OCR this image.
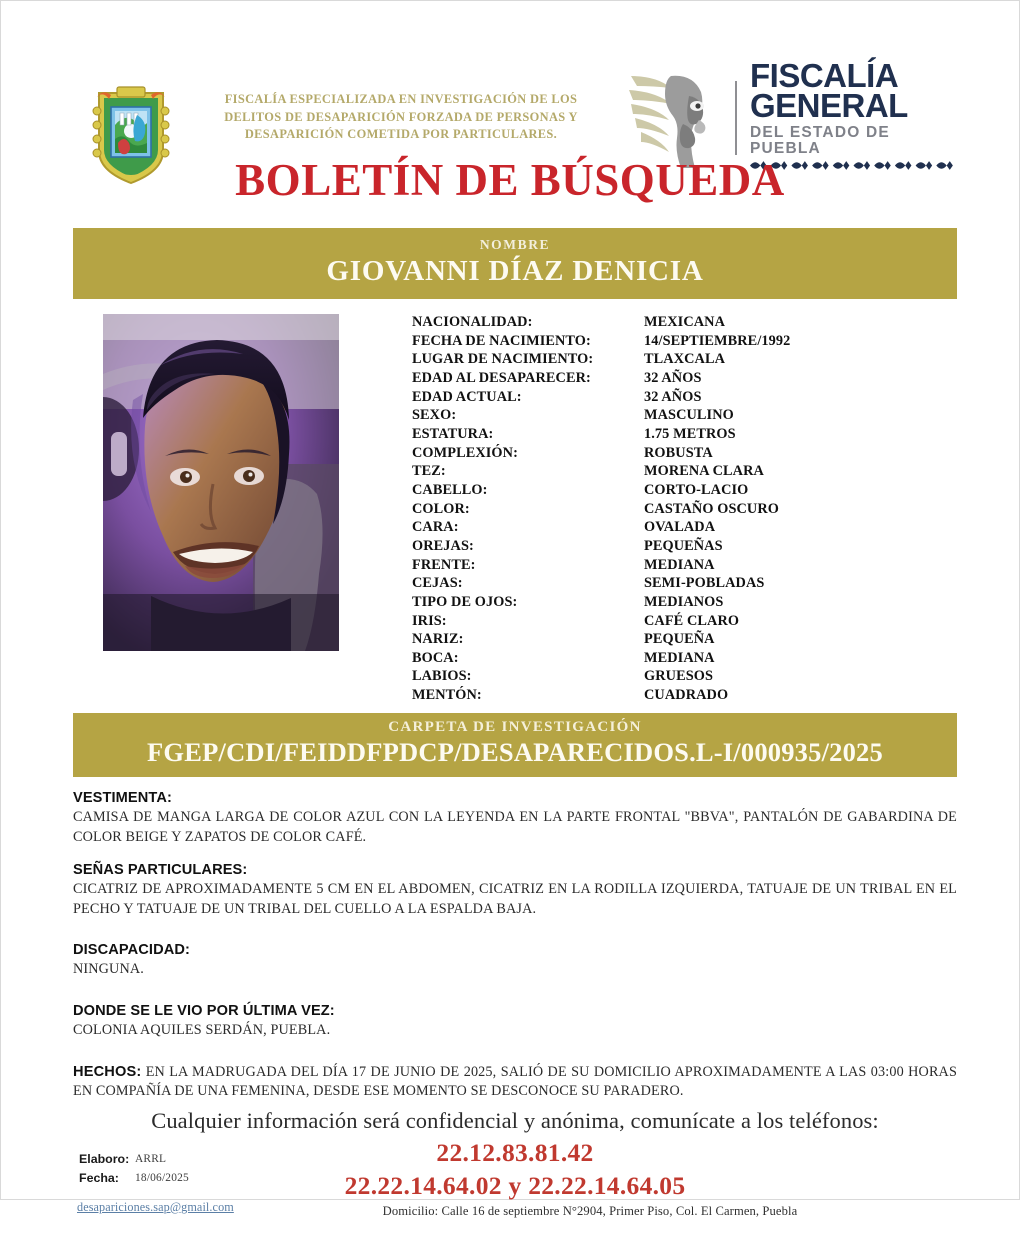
FISCALÍA ESPECIALIZADA EN INVESTIGACIÓN DE LOS DELITOS DE DESAPARICIÓN FORZADA DE PERSONAS Y DESAPARICIÓN COMETIDA POR PARTICULARES.
FISCALÍA
GENERAL
DEL ESTADO DE PUEBLA
BOLETÍN DE BÚSQUEDA
NOMBRE
GIOVANNI DÍAZ DENICIA
NACIONALIDAD:	MEXICANA
FECHA DE NACIMIENTO:	14/SEPTIEMBRE/1992
LUGAR DE NACIMIENTO:	TLAXCALA
EDAD AL DESAPARECER:	32 AÑOS
EDAD ACTUAL:	32 AÑOS
SEXO:	MASCULINO
ESTATURA:	1.75 METROS
COMPLEXIÓN:	ROBUSTA
TEZ:	MORENA CLARA
CABELLO:	CORTO-LACIO
COLOR:	CASTAÑO OSCURO
CARA:	OVALADA
OREJAS:	PEQUEÑAS
FRENTE:	MEDIANA
CEJAS:	SEMI-POBLADAS
TIPO DE OJOS:	MEDIANOS
IRIS:	CAFÉ CLARO
NARIZ:	PEQUEÑA
BOCA:	MEDIANA
LABIOS:	GRUESOS
MENTÓN:	CUADRADO
CARPETA DE INVESTIGACIÓN
FGEP/CDI/FEIDDFPDCP/DESAPARECIDOS.L-I/000935/2025
VESTIMENTA:
CAMISA DE MANGA LARGA DE COLOR AZUL CON LA LEYENDA EN LA PARTE FRONTAL "BBVA", PANTALÓN DE GABARDINA DE COLOR BEIGE Y ZAPATOS DE COLOR CAFÉ.
SEÑAS PARTICULARES:
CICATRIZ DE APROXIMADAMENTE 5 CM EN EL ABDOMEN, CICATRIZ EN LA RODILLA IZQUIERDA, TATUAJE DE UN TRIBAL EN EL PECHO Y TATUAJE DE UN TRIBAL DEL CUELLO A LA ESPALDA BAJA.
DISCAPACIDAD:
NINGUNA.
DONDE SE LE VIO POR ÚLTIMA VEZ:
COLONIA AQUILES SERDÁN, PUEBLA.
HECHOS: EN LA MADRUGADA DEL DÍA 17 DE JUNIO DE 2025, SALIÓ DE SU DOMICILIO APROXIMADAMENTE A LAS 03:00 HORAS EN COMPAÑÍA DE UNA FEMENINA, DESDE ESE MOMENTO SE DESCONOCE SU PARADERO.
Cualquier información será confidencial y anónima, comunícate a los teléfonos:
22.12.83.81.42
22.22.14.64.02 y 22.22.14.64.05
Elaboro: ARRL
Fecha:	18/06/2025
desapariciones.sap@gmail.com	Domicilio: Calle 16 de septiembre N°2904, Primer Piso, Col. El Carmen, Puebla
